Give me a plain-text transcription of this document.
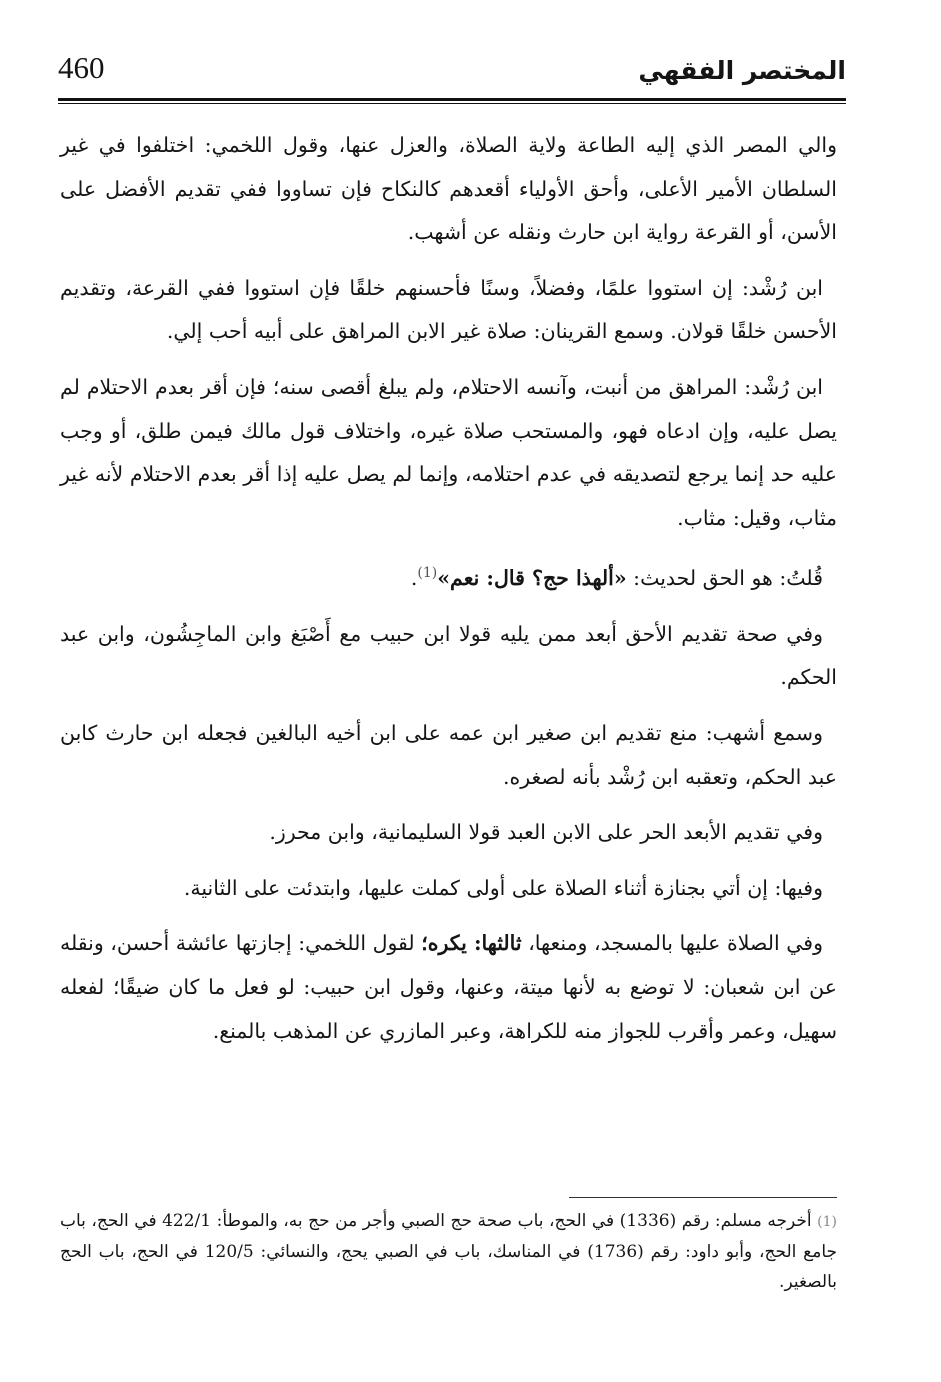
460	المختصر الفقهي

والي المصر الذي إليه الطاعة ولاية الصلاة، والعزل عنها، وقول اللخمي: اختلفوا في غير السلطان الأمير الأعلى، وأحق الأولياء أقعدهم كالنكاح فإن تساووا ففي تقديم الأفضل على الأسن، أو القرعة رواية ابن حارث ونقله عن أشهب.

ابن رُشْد: إن استووا علمًا، وفضلاً، وسنًا فأحسنهم خلقًا فإن استووا ففي القرعة، وتقديم الأحسن خلقًا قولان. وسمع القرينان: صلاة غير الابن المراهق على أبيه أحب إلي.

ابن رُشْد: المراهق من أنبت، وآنسه الاحتلام، ولم يبلغ أقصى سنه؛ فإن أقر بعدم الاحتلام لم يصل عليه، وإن ادعاه فهو، والمستحب صلاة غيره، واختلاف قول مالك فيمن طلق، أو وجب عليه حد إنما يرجع لتصديقه في عدم احتلامه، وإنما لم يصل عليه إذا أقر بعدم الاحتلام لأنه غير مثاب، وقيل: مثاب.

قُلتُ: هو الحق لحديث: «ألهذا حج؟ قال: نعم»$^{(1)}$.

وفي صحة تقديم الأحق أبعد ممن يليه قولا ابن حبيب مع أَصْبَغ وابن الماجِشُون، وابن عبد الحكم.

وسمع أشهب: منع تقديم ابن صغير ابن عمه على ابن أخيه البالغين فجعله ابن حارث كابن عبد الحكم، وتعقبه ابن رُشْد بأنه لصغره.

وفي تقديم الأبعد الحر على الابن العبد قولا السليمانية، وابن محرز.

وفيها: إن أتي بجنازة أثناء الصلاة على أولى كملت عليها، وابتدئت على الثانية.

وفي الصلاة عليها بالمسجد، ومنعها، ثالثها: يكره؛ لقول اللخمي: إجازتها عائشة أحسن، ونقله عن ابن شعبان: لا توضع به لأنها ميتة، وعنها، وقول ابن حبيب: لو فعل ما كان ضيقًا؛ لفعله سهيل، وعمر وأقرب للجواز منه للكراهة، وعبر المازري عن المذهب بالمنع.

(1) أخرجه مسلم: رقم (1336) في الحج، باب صحة حج الصبي وأجر من حج به، والموطأ: 422/1 في الحج، باب جامع الحج، وأبو داود: رقم (1736) في المناسك، باب في الصبي يحج، والنسائي: 120/5 في الحج، باب الحج بالصغير.
